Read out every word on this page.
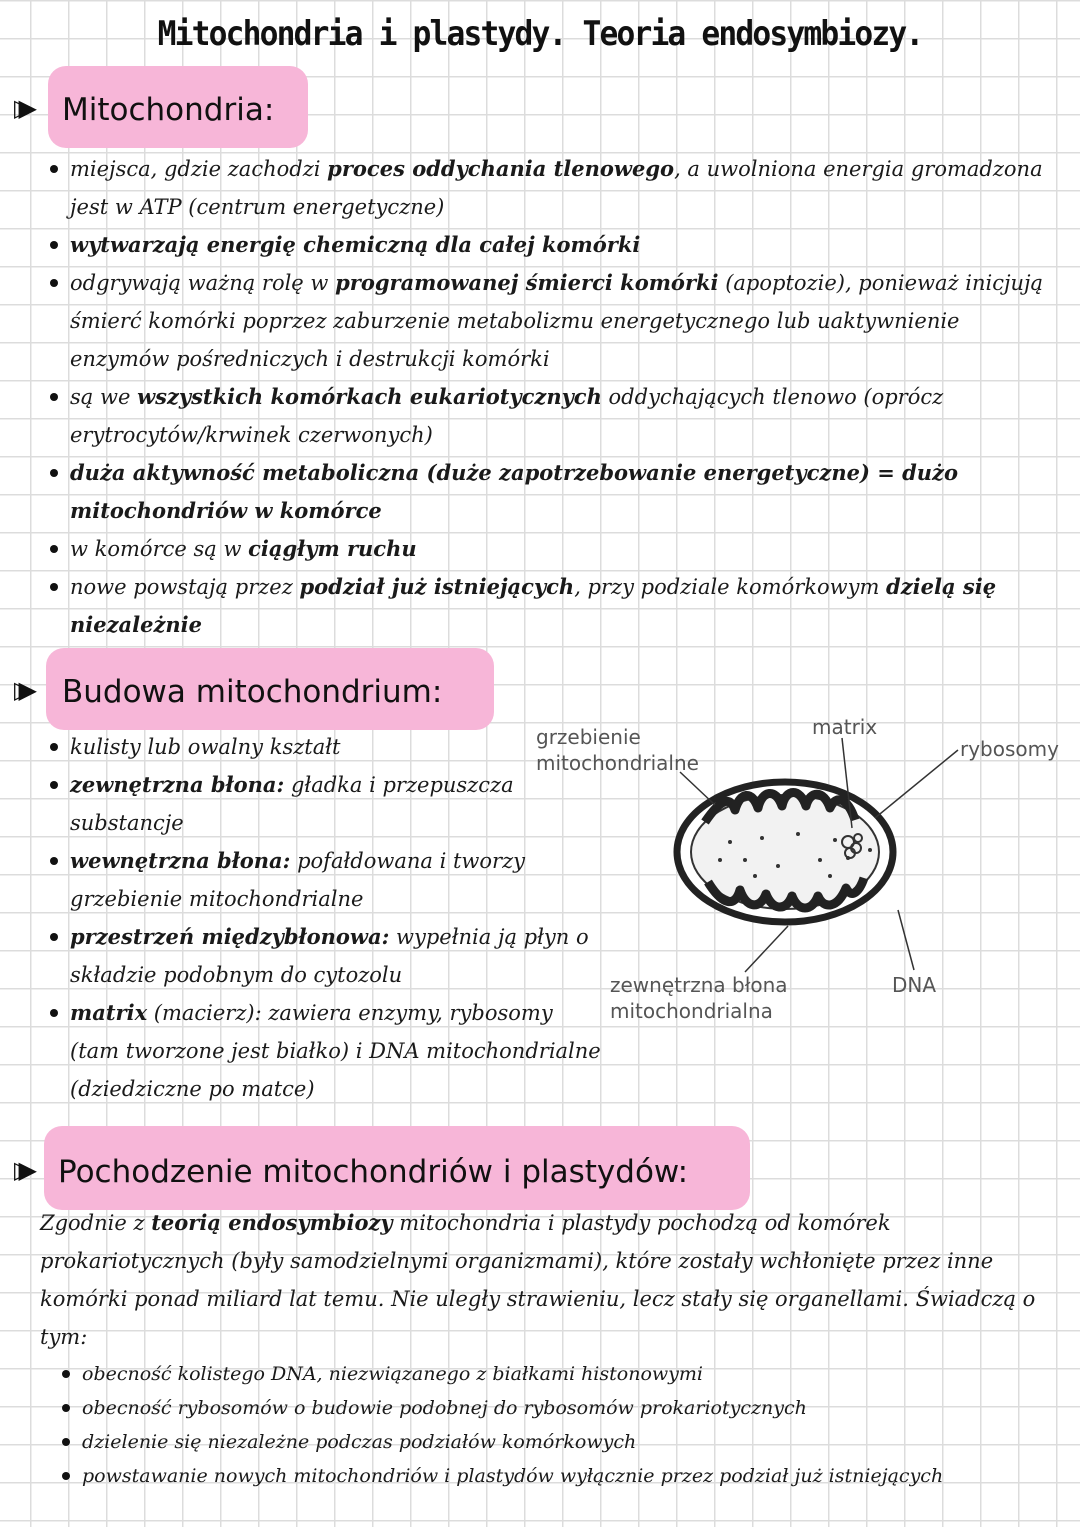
Mitochondria i plastydy. Teoria endosymbiozy.
▷▶ Mitochondria:
miejsca, gdzie zachodzi proces oddychania tlenowego, a uwolniona energia gromadzona jest w ATP (centrum energetyczne)
wytwarzają energię chemiczną dla całej komórki
odgrywają ważną rolę w programowanej śmierci komórki (apoptozie), ponieważ inicjują śmierć komórki poprzez zaburzenie metabolizmu energetycznego lub uaktywnienie enzymów pośredniczych i destrukcji komórki
są we wszystkich komórkach eukariotycznych oddychających tlenowo (oprócz erytrocytów/krwinek czerwonych)
duża aktywność metaboliczna (duże zapotrzebowanie energetyczne) = dużo mitochondriów w komórce
w komórce są w ciągłym ruchu
nowe powstają przez podział już istniejących, przy podziale komórkowym dzielą się niezależnie
▷▶ Budowa mitochondrium:
kulisty lub owalny kształt
zewnętrzna błona: gładka i przepuszcza substancje
wewnętrzna błona: pofałdowana i tworzy grzebienie mitochondrialne
przestrzeń międzybłonowa: wypełnia ją płyn o składzie podobnym do cytozolu
matrix (macierz): zawiera enzymy, rybosomy (tam tworzone jest białko) i DNA mitochondrialne (dziedziczne po matce)
grzebienie
mitochondrialne
matrix
rybosomy
zewnętrzna błona
mitochondrialna
DNA
▷▶ Pochodzenie mitochondriów i plastydów:
Zgodnie z teorią endosymbiozy mitochondria i plastydy pochodzą od komórek prokariotycznych (były samodzielnymi organizmami), które zostały wchłonięte przez inne komórki ponad miliard lat temu. Nie uległy strawieniu, lecz stały się organellami. Świadczą o tym:
obecność kolistego DNA, niezwiązanego z białkami histonowymi
obecność rybosomów o budowie podobnej do rybosomów prokariotycznych
dzielenie się niezależne podczas podziałów komórkowych
powstawanie nowych mitochondriów i plastydów wyłącznie przez podział już istniejących
